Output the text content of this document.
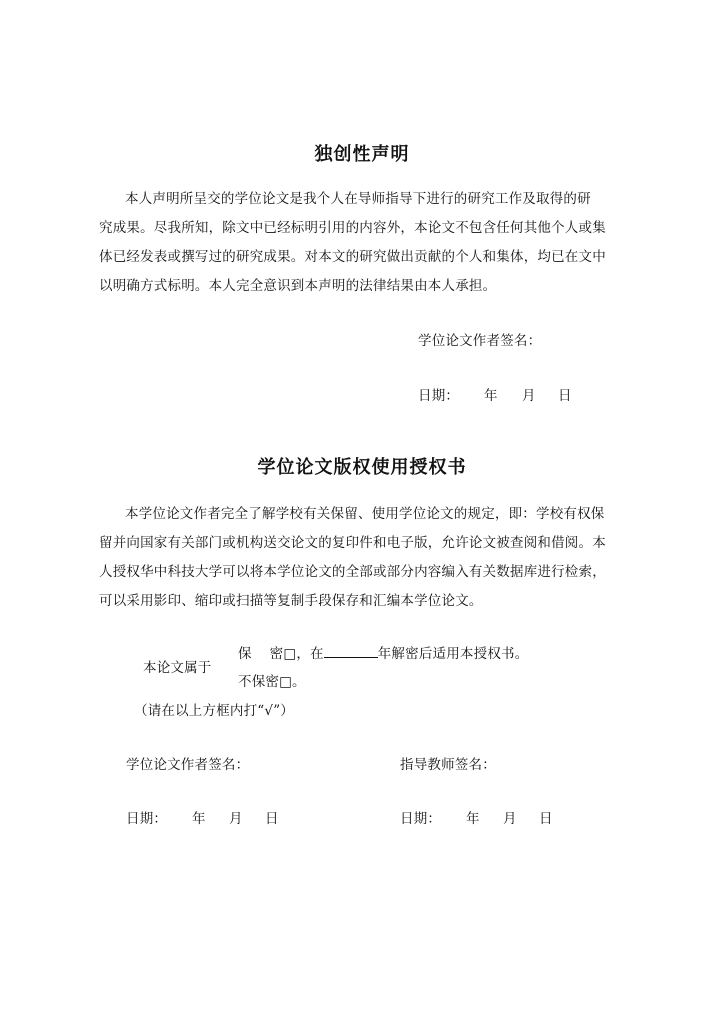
独创性声明
本人声明所呈交的学位论文是我个人在导师指导下进行的研究工作及取得的研
究成果。尽我所知，除文中已经标明引用的内容外，本论文不包含任何其他个人或集
体已经发表或撰写过的研究成果。对本文的研究做出贡献的个人和集体，均已在文中
以明确方式标明。本人完全意识到本声明的法律结果由本人承担。
学位论文作者签名：
日期： 年 月 日
学位论文版权使用授权书
本学位论文作者完全了解学校有关保留、使用学位论文的规定，即：学校有权保
留并向国家有关部门或机构送交论文的复印件和电子版，允许论文被查阅和借阅。本
人授权华中科技大学可以将本学位论文的全部或部分内容编入有关数据库进行检索，
可以采用影印、缩印或扫描等复制手段保存和汇编本学位论文。
本论文属于
保    密□，在	年解密后适用本授权书。
不保密□。
（请在以上方框内打“√”）
学位论文作者签名：	指导教师签名：
日期： 年 月 日	日期： 年 月 日
